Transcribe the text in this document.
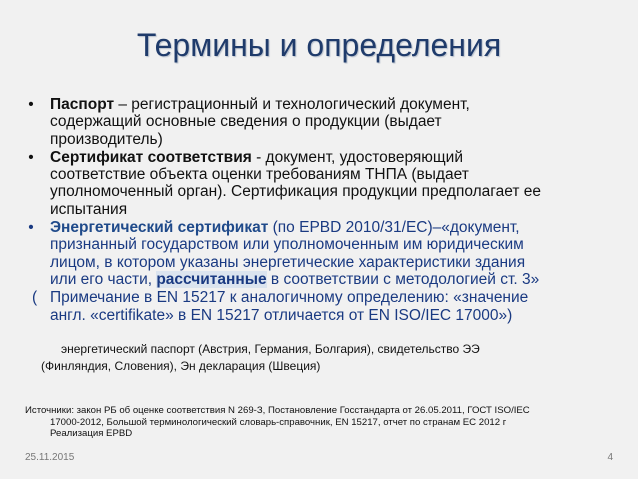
Термины и определения
• Паспорт – регистрационный и технологический документ,
содержащий основные сведения о продукции (выдает
производитель)
• Сертификат соответствия - документ, удостоверяющий
соответствие объекта оценки требованиям ТНПА (выдает
уполномоченный орган). Сертификация продукции предполагает ее
испытания
• Энергетический сертификат (по EPBD 2010/31/EC)–«документ,
признанный государством или уполномоченным им юридическим
лицом, в котором указаны энергетические характеристики здания
или его части, рассчитанные в соответствии с методологией ст. 3»
( Примечание в EN 15217 к аналогичному определению: «значение
англ. «certifikate» в EN 15217 отличается от EN ISO/IEC 17000»)
энергетический паспорт (Австрия, Германия, Болгария), свидетельство ЭЭ
(Финляндия, Словения), Эн декларация (Швеция)
Источники: закон РБ об оценке соответствия N 269-З, Постановление Госстандарта от 26.05.2011, ГОСТ ISO/IEC
17000-2012, Большой терминологический словарь-справочник, EN 15217, отчет по странам ЕС 2012 г
Реализация EPBD
25.11.2015	4
